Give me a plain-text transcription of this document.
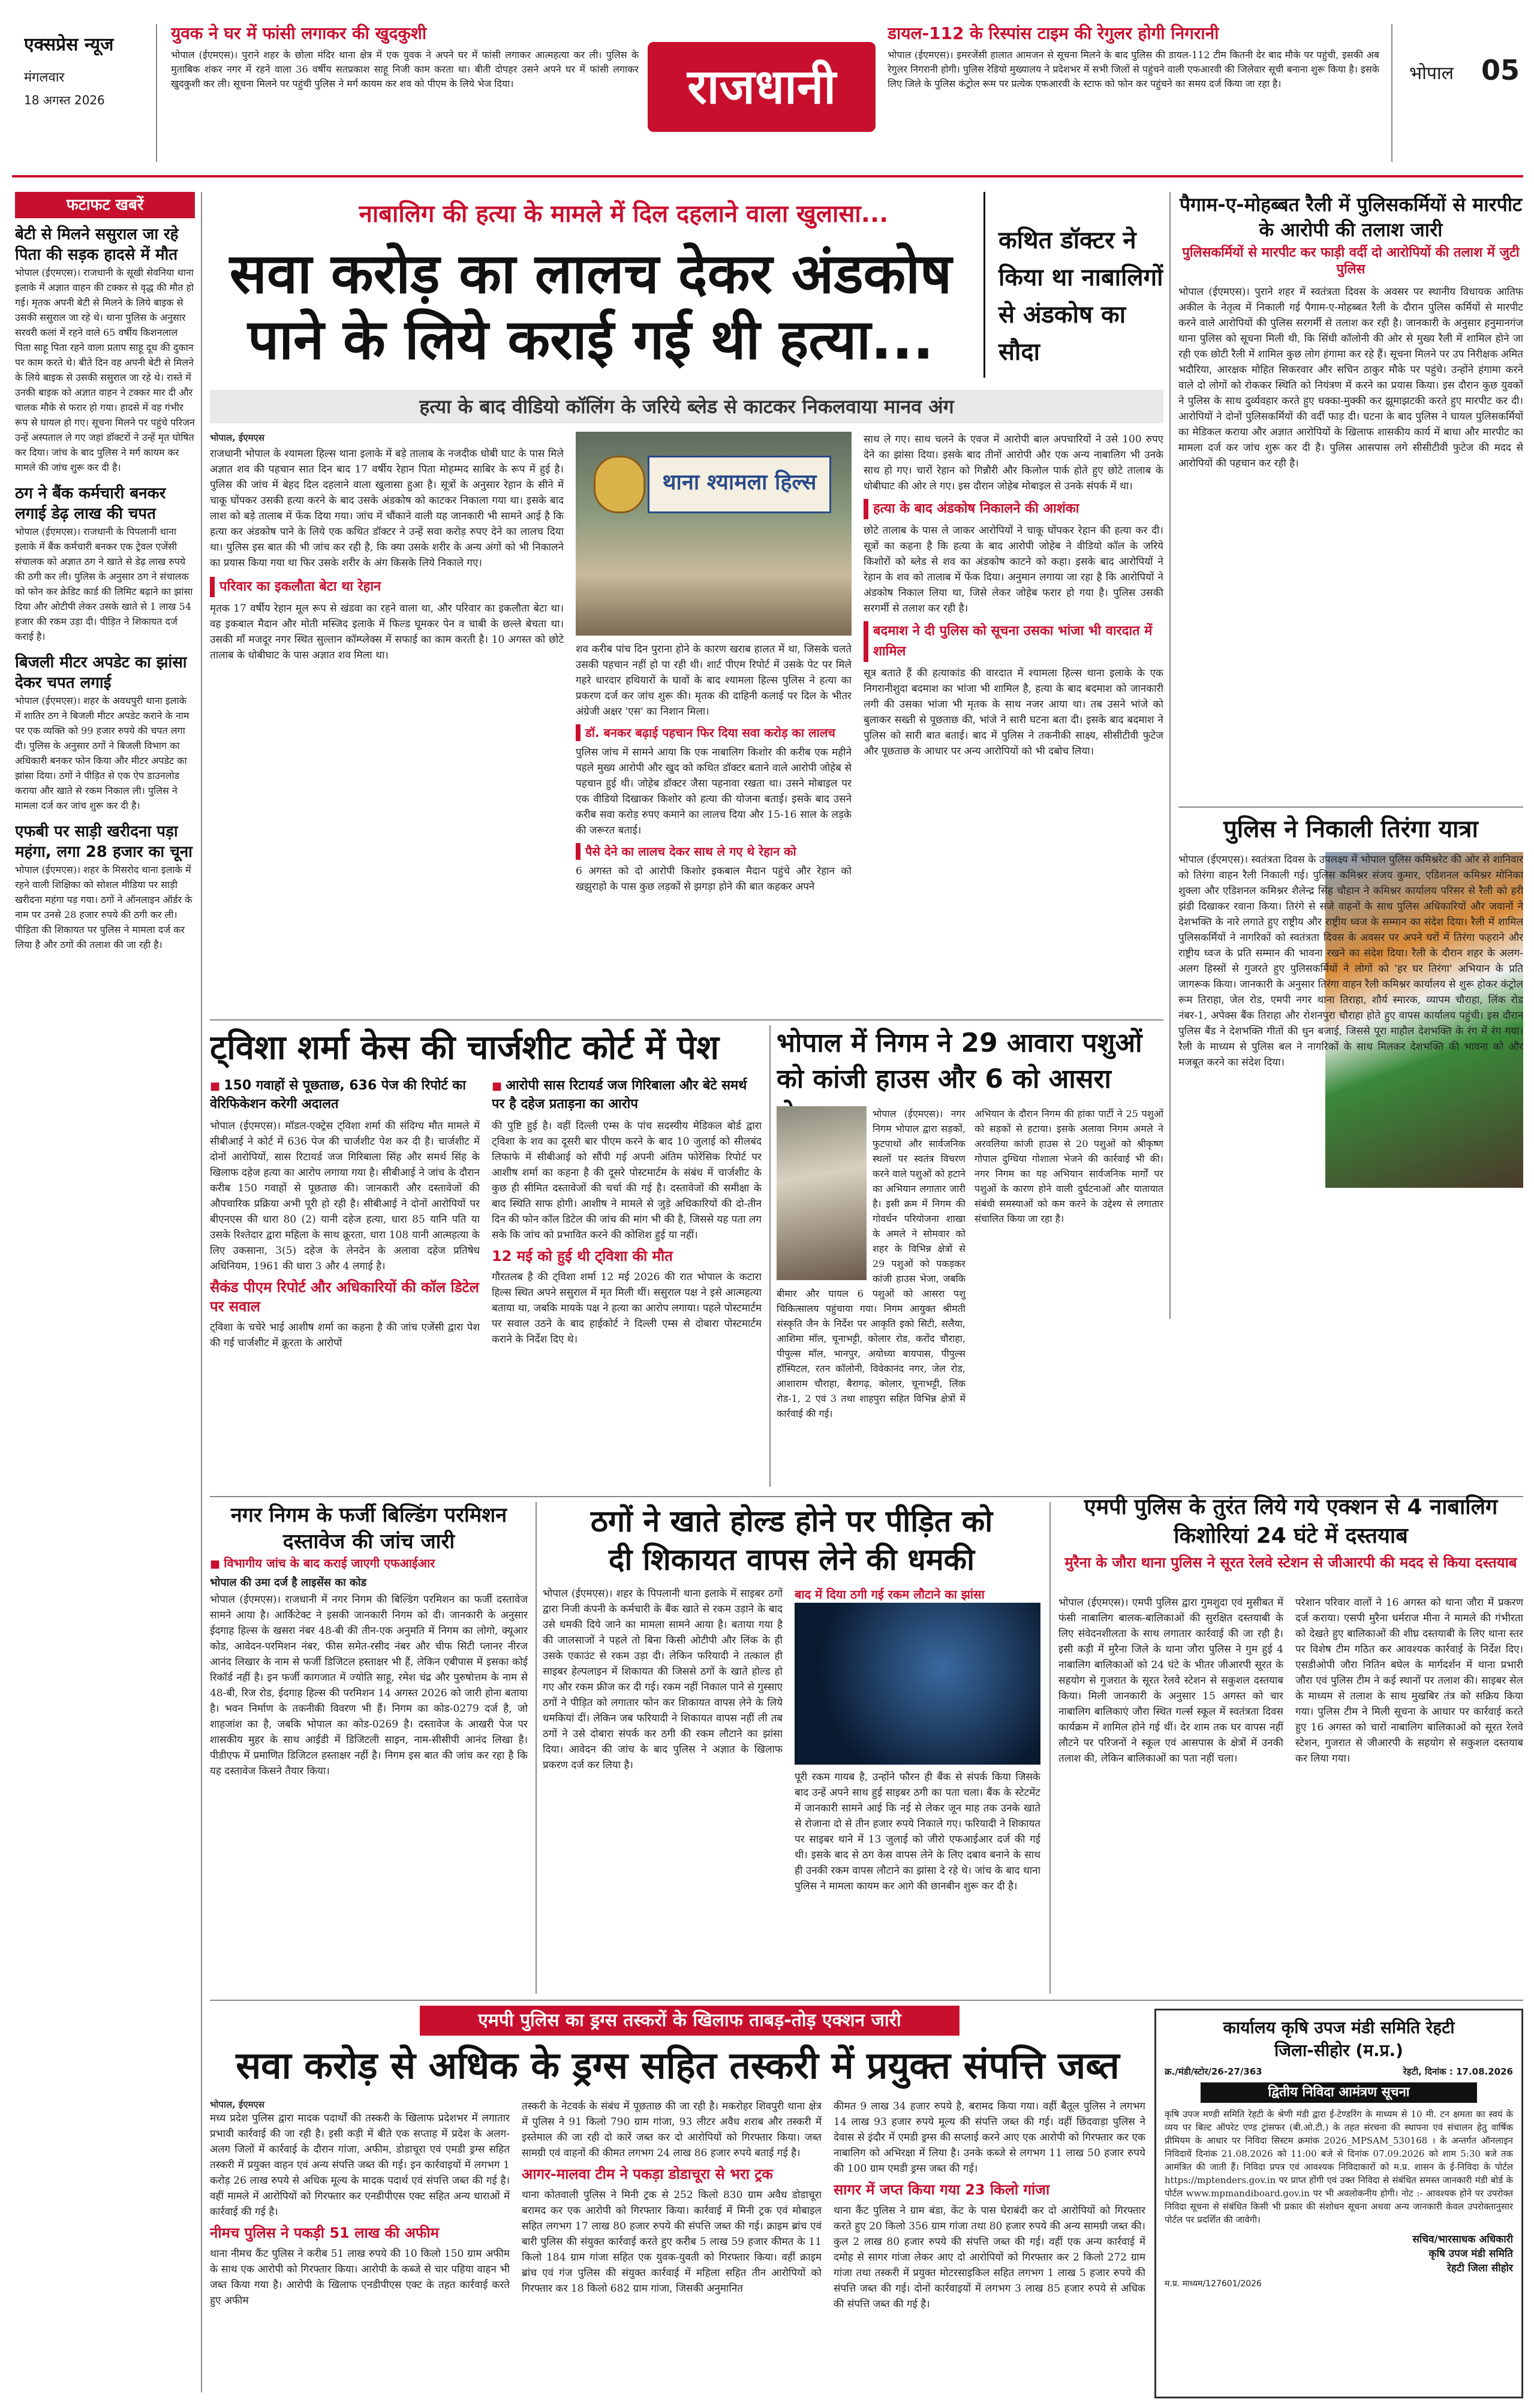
एक्सप्रेस न्यूज
मंगलवार
18 अगस्त 2026
युवक ने घर में फांसी लगाकर की खुदकुशी
भोपाल (ईएमएस)। पुराने शहर के छोला मंदिर थाना क्षेत्र में एक युवक ने अपने घर में फांसी लगाकर आत्महत्या कर ली। पुलिस के मुताबिक शंकर नगर में रहने वाला 36 वर्षीय सतप्रकाश साहू निजी काम करता था। बीती दोपहर उसने अपने घर में फांसी लगाकर खुदकुशी कर ली। सूचना मिलने पर पहुंची पुलिस ने मर्ग कायम कर शव को पीएम के लिये भेज दिया।	राजधानी
डायल-112 के रिस्पांस टाइम की रेगुलर होगी निगरानी
भोपाल (ईएमएस)। इमरजेंसी हालात आमजन से सूचना मिलने के बाद पुलिस की डायल-112 टीम कितनी देर बाद मौके पर पहुंची, इसकी अब रेगुलर निगरानी होगी। पुलिस रेडियो मुख्यालय ने प्रदेशभर में सभी जिलों से पहुंचने वाली एफआरवी की जिलेवार सूची बनाना शुरू किया है। इसके लिए जिले के पुलिस कंट्रोल रूम पर प्रत्येक एफआरवी के स्टाफ को फोन कर पहुंचने का समय दर्ज किया जा रहा है।	भोपाल 05
फटाफट खबरें
बेटी से मिलने ससुराल जा रहे पिता की सड़क हादसे में मौत
भोपाल (ईएमएस)। राजधानी के सूखी सेवनिया थाना इलाके में अज्ञात वाहन की टक्कर से वृद्ध की मौत हो गई। मृतक अपनी बेटी से मिलने के लिये बाइक से उसकी ससुराल जा रहे थे। थाना पुलिस के अनुसार सरवरी कलां में रहने वाले 65 वर्षीय किशनलाल पिता साहू पिता रहने वाला प्रताप साहू दूध की दुकान पर काम करते थे। बीते दिन वह अपनी बेटी से मिलने के लिये बाइक से उसकी ससुराल जा रहे थे। रास्ते में उनकी बाइक को अज्ञात वाहन ने टक्कर मार दी और चालक मौके से फरार हो गया। हादसे में वह गंभीर रूप से घायल हो गए। सूचना मिलने पर पहुंचे परिजन उन्हें अस्पताल ले गए जहां डॉक्टरों ने उन्हें मृत घोषित कर दिया। जांच के बाद पुलिस ने मर्ग कायम कर मामले की जांच शुरू कर दी है।
ठग ने बैंक कर्मचारी बनकर लगाई डेढ़ लाख की चपत
भोपाल (ईएमएस)। राजधानी के पिपलानी थाना इलाके में बैंक कर्मचारी बनकर एक ट्रेवल एजेंसी संचालक को अज्ञात ठग ने खाते से डेढ़ लाख रुपये की ठगी कर ली। पुलिस के अनुसार ठग ने संचालक को फोन कर क्रेडिट कार्ड की लिमिट बढ़ाने का झांसा दिया और ओटीपी लेकर उसके खाते से 1 लाख 54 हजार की रकम उड़ा दी। पीड़ित ने शिकायत दर्ज कराई है।
बिजली मीटर अपडेट का झांसा देकर चपत लगाई
भोपाल (ईएमएस)। शहर के अवधपुरी थाना इलाके में शातिर ठग ने बिजली मीटर अपडेट कराने के नाम पर एक व्यक्ति को 99 हजार रुपये की चपत लगा दी। पुलिस के अनुसार ठगों ने बिजली विभाग का अधिकारी बनकर फोन किया और मीटर अपडेट का झांसा दिया। ठगों ने पीड़ित से एक ऐप डाउनलोड कराया और खाते से रकम निकाल ली। पुलिस ने मामला दर्ज कर जांच शुरू कर दी है।
एफबी पर साड़ी खरीदना पड़ा महंगा, लगा 28 हजार का चूना
भोपाल (ईएमएस)। शहर के मिसरोद थाना इलाके में रहने वाली शिक्षिका को सोशल मीडिया पर साड़ी खरीदना महंगा पड़ गया। ठगों ने ऑनलाइन ऑर्डर के नाम पर उनसे 28 हजार रुपये की ठगी कर ली। पीड़िता की शिकायत पर पुलिस ने मामला दर्ज कर लिया है और ठगों की तलाश की जा रही है।
नाबालिग की हत्या के मामले में दिल दहलाने वाला खुलासा...
सवा करोड़ का लालच देकर अंडकोष
पाने के लिये कराई गई थी हत्या...
कथित डॉक्टर ने किया था नाबालिगों से अंडकोष का सौदा
हत्या के बाद वीडियो कॉलिंग के जरिये ब्लेड से काटकर निकलवाया मानव अंग
भोपाल, ईएमएस
राजधानी भोपाल के श्यामला हिल्स थाना इलाके में बड़े तालाब के नजदीक धोबी घाट के पास मिले अज्ञात शव की पहचान सात दिन बाद 17 वर्षीय रेहान पिता मोहम्मद साबिर के रूप में हुई है। पुलिस की जांच में बेहद दिल दहलाने वाला खुलासा हुआ है। सूत्रों के अनुसार रेहान के सीने में चाकू घोंपकर उसकी हत्या करने के बाद उसके अंडकोष को काटकर निकाला गया था। इसके बाद लाश को बड़े तालाब में फेंक दिया गया। जांच में चौंकाने वाली यह जानकारी भी सामने आई है कि हत्या कर अंडकोष पाने के लिये एक कथित डॉक्टर ने उन्हें सवा करोड़ रुपए देने का लालच दिया था। पुलिस इस बात की भी जांच कर रही है, कि क्या उसके शरीर के अन्य अंगों को भी निकालने का प्रयास किया गया था फिर उसके शरीर के अंग किसके लिये निकाले गए।
परिवार का इकलौता बेटा था रेहान
मृतक 17 वर्षीय रेहान मूल रूप से खंडवा का रहने वाला था, और परिवार का इकलौता बेटा था। वह इकबाल मैदान और मोती मस्जिद इलाके में फिल्ड घूमकर पेन व चाबी के छल्ले बेचता था। उसकी माँ मजदूर नगर स्थित सुल्तान कॉम्प्लेक्स में सफाई का काम करती है। 10 अगस्त को छोटे तालाब के धोबीघाट के पास अज्ञात शव मिला था।
थाना श्यामला हिल्स
शव करीब पांच दिन पुराना होने के कारण खराब हालत में था, जिसके चलते उसकी पहचान नहीं हो पा रही थी। शार्ट पीएम रिपोर्ट में उसके पेट पर मिले गहरे धारदार हथियारों के घावों के बाद श्यामला हिल्स पुलिस ने हत्या का प्रकरण दर्ज कर जांच शुरू की। मृतक की दाहिनी कलाई पर दिल के भीतर अंग्रेजी अक्षर 'एस' का निशान मिला।
डॉ. बनकर बढ़ाई पहचान फिर दिया सवा करोड़ का लालच
पुलिस जांच में सामने आया कि एक नाबालिग किशोर की करीब एक महीने पहले मुख्य आरोपी और खुद को कथित डॉक्टर बताने वाले आरोपी जोहेब से पहचान हुई थी। जोहेब डॉक्टर जैसा पहनावा रखता था। उसने मोबाइल पर एक वीडियो दिखाकर किशोर को हत्या की योजना बताई। इसके बाद उसने करीब सवा करोड़ रुपए कमाने का लालच दिया और 15-16 साल के लड़के की जरूरत बताई।
पैसे देने का लालच देकर साथ ले गए थे रेहान को
6 अगस्त को दो आरोपी किशोर इकबाल मैदान पहुंचे और रेहान को खझुराहो के पास कुछ लड़कों से झगड़ा होने की बात कहकर अपने
साथ ले गए। साथ चलने के एवज में आरोपी बाल अपचारियों ने उसे 100 रुपए देने का झांसा दिया। इसके बाद तीनों आरोपी और एक अन्य नाबालिग भी उनके साथ हो गए। चारों रेहान को गिन्नौरी और किलोल पार्क होते हुए छोटे तालाब के धोबीघाट की ओर ले गए। इस दौरान जोहेब मोबाइल से उनके संपर्क में था।
हत्या के बाद अंडकोष निकालने की आशंका
छोटे तालाब के पास ले जाकर आरोपियों ने चाकू घोंपकर रेहान की हत्या कर दी। सूत्रों का कहना है कि हत्या के बाद आरोपी जोहेब ने वीडियो कॉल के जरिये किशोरों को ब्लेड से शव का अंडकोष काटने को कहा। इसके बाद आरोपियों ने रेहान के शव को तालाब में फेंक दिया। अनुमान लगाया जा रहा है कि आरोपियों ने अंडकोष निकाल लिया था, जिसे लेकर जोहेब फरार हो गया है। पुलिस उसकी सरगर्मी से तलाश कर रही है।
बदमाश ने दी पुलिस को सूचना उसका भांजा भी वारदात में शामिल
सूत्र बताते हैं की हत्याकांड की वारदात में श्यामला हिल्स थाना इलाके के एक निगरानीशुदा बदमाश का भांजा भी शामिल है, हत्या के बाद बदमाश को जानकारी लगी की उसका भांजा भी मृतक के साथ नजर आया था। तब उसने भांजे को बुलाकर सख्ती से पूछताछ की, भांजे ने सारी घटना बता दी। इसके बाद बदमाश ने पुलिस को सारी बात बताई। बाद में पुलिस ने तकनीकी साक्ष्य, सीसीटीवी फुटेज और पूछताछ के आधार पर अन्य आरोपियों को भी दबोच लिया।
पैगाम-ए-मोहब्बत रैली में पुलिसकर्मियों से मारपीट के आरोपी की तलाश जारी
पुलिसकर्मियों से मारपीट कर फाड़ी वर्दी दो आरोपियों की तलाश में जुटी पुलिस
भोपाल (ईएमएस)। पुराने शहर में स्वतंत्रता दिवस के अवसर पर स्थानीय विधायक आतिफ अकील के नेतृत्व में निकाली गई पैगाम-ए-मोहब्बत रैली के दौरान पुलिस कर्मियों से मारपीट करने वाले आरोपियों की पुलिस सरगर्मी से तलाश कर रही है। जानकारी के अनुसार हनुमानगंज थाना पुलिस को सूचना मिली थी, कि सिंधी कॉलोनी की ओर से मुख्य रैली में शामिल होने जा रही एक छोटी रैली में शामिल कुछ लोग हंगामा कर रहे हैं। सूचना मिलने पर उप निरीक्षक अमित भदौरिया, आरक्षक मोहित सिकरवार और सचिन ठाकुर मौके पर पहुंचे। उन्होंने हंगामा करने वाले दो लोगों को रोककर स्थिति को नियंत्रण में करने का प्रयास किया। इस दौरान कुछ युवकों ने पुलिस के साथ दुर्व्यवहार करते हुए धक्का-मुक्की कर झूमाझटकी करते हुए मारपीट कर दी। आरोपियों ने दोनों पुलिसकर्मियों की वर्दी फाड़ दी। घटना के बाद पुलिस ने घायल पुलिसकर्मियों का मेडिकल कराया और अज्ञात आरोपियों के खिलाफ शासकीय कार्य में बाधा और मारपीट का मामला दर्ज कर जांच शुरू कर दी है। पुलिस आसपास लगे सीसीटीवी फुटेज की मदद से आरोपियों की पहचान कर रही है।
पुलिस ने निकाली तिरंगा यात्रा
भोपाल (ईएमएस)। स्वतंत्रता दिवस के उपलक्ष्य में भोपाल पुलिस कमिश्नरेट की ओर से शानिवार को तिरंगा वाहन रैली निकाली गई। पुलिस कमिश्नर संजय कुमार, एडिशनल कमिश्नर मोनिका शुक्ला और एडिशनल कमिश्नर शैलेन्द्र सिंह चौहान ने कमिश्नर कार्यालय परिसर से रैली को हरी झंडी दिखाकर रवाना किया। तिरंगे से सजे वाहनों के साथ पुलिस अधिकारियों और जवानों ने देशभक्ति के नारे लगाते हुए राष्ट्रीय और राष्ट्रीय ध्वज के सम्मान का संदेश दिया। रैली में शामिल पुलिसकर्मियों ने नागरिकों को स्वतंत्रता दिवस के अवसर पर अपने घरों में तिरंगा फहराने और राष्ट्रीय ध्वज के प्रति सम्मान की भावना रखने का संदेश दिया। रैली के दौरान शहर के अलग-अलग हिस्सों से गुजरते हुए पुलिसकर्मियों ने लोगों को 'हर घर तिरंगा' अभियान के प्रति जागरूक किया। जानकारी के अनुसार तिरंगा वाहन रैली कमिश्नर कार्यालय से शुरू होकर कंट्रोल रूम तिराहा, जेल रोड, एमपी नगर थाना तिराहा, शौर्य स्मारक, व्यापम चौराहा, लिंक रोड नंबर-1, अपेक्स बैंक तिराहा और रोशनपुरा चौराहा होते हुए वापस कार्यालय पहुंची। इस दौरान पुलिस बैंड ने देशभक्ति गीतों की धुन बजाई, जिससे पूरा माहौल देशभक्ति के रंग में रंग गया। रैली के माध्यम से पुलिस बल ने नागरिकों के साथ मिलकर देशभक्ति की भावना को और मजबूत करने का संदेश दिया।
ट्विशा शर्मा केस की चार्जशीट कोर्ट में पेश
■ 150 गवाहों से पूछताछ, 636 पेज की रिपोर्ट का वेरिफिकेशन करेगी अदालत
भोपाल (ईएमएस)। मॉडल-एक्ट्रेस ट्विशा शर्मा की संदिग्ध मौत मामले में सीबीआई ने कोर्ट में 636 पेज की चार्जशीट पेश कर दी है। चार्जशीट में दोनों आरोपियों, सास रिटायर्ड जज गिरिबाला सिंह और समर्थ सिंह के खिलाफ दहेज हत्या का आरोप लगाया गया है। सीबीआई ने जांच के दौरान करीब 150 गवाहों से पूछताछ की। जानकारी और दस्तावेजों की औपचारिक प्रक्रिया अभी पूरी हो रही है। सीबीआई ने दोनों आरोपियों पर बीएनएस की धारा 80 (2) यानी दहेज हत्या, धारा 85 यानि पति या उसके रिश्तेदार द्वारा महिला के साथ क्रूरता, धारा 108 यानी आत्महत्या के लिए उकसाना, 3(5) दहेज के लेनदेन के अलावा दहेज प्रतिषेध अधिनियम, 1961 की धारा 3 और 4 लगाई है।
सैकंड पीएम रिपोर्ट और अधिकारियों की कॉल डिटेल पर सवाल
ट्विशा के चचेरे भाई आशीष शर्मा का कहना है की जांच एजेंसी द्वारा पेश की गई चार्जशीट में क्रूरता के आरोपों
■ आरोपी सास रिटायर्ड जज गिरिबाला और बेटे समर्थ पर है दहेज प्रताड़ना का आरोप
की पुष्टि हुई है। वहीं दिल्ली एम्स के पांच सदस्यीय मेडिकल बोर्ड द्वारा ट्विशा के शव का दूसरी बार पीएम करने के बाद 10 जुलाई को सीलबंद लिफाफे में सीबीआई को सौंपी गई अपनी अंतिम फोरेंसिक रिपोर्ट पर आशीष शर्मा का कहना है की दूसरे पोस्टमार्टम के संबंध में चार्जशीट के कुछ ही सीमित दस्तावेजों की चर्चा की गई है। दस्तावेजों की समीक्षा के बाद स्थिति साफ होगी। आशीष ने मामले से जुड़े अधिकारियों की दो-तीन दिन की फोन कॉल डिटेल की जांच की मांग भी की है, जिससे यह पता लग सके कि जांच को प्रभावित करने की कोशिश हुई या नहीं।
12 मई को हुई थी ट्विशा की मौत
गौरतलब है की ट्विशा शर्मा 12 मई 2026 की रात भोपाल के कटारा हिल्स स्थित अपने ससुराल में मृत मिली थीं। ससुराल पक्ष ने इसे आत्महत्या बताया था, जबकि मायके पक्ष ने हत्या का आरोप लगाया। पहले पोस्टमार्टम पर सवाल उठने के बाद हाईकोर्ट ने दिल्ली एम्स से दोबारा पोस्टमार्टम कराने के निर्देश दिए थे।
भोपाल में निगम ने 29 आवारा पशुओं
को कांजी हाउस और 6 को आसरा
भोपाल (ईएमएस)। नगर निगम भोपाल द्वारा सड़कों, फुटपाथों और सार्वजनिक स्थलों पर स्वतंत्र विचरण करने वाले पशुओं को हटाने का अभियान लगातार जारी है। इसी क्रम में निगम की गोवर्धन परियोजना शाखा के अमले ने सोमवार को शहर के विभिन्न क्षेत्रों से 29 पशुओं को पकड़कर कांजी हाउस भेजा, जबकि बीमार और घायल 6 पशुओं को आसरा पशु चिकित्सालय पहुंचाया गया। निगम आयुक्त श्रीमती संस्कृति जैन के निर्देश पर आकृति इको सिटी, सलैया, आशिमा मॉल, चूनाभट्टी, कोलार रोड, करोंद चौराहा, पीपुल्स मॉल, भानपुर, अयोध्या बायपास, पीपुल्स हॉस्पिटल, रतन कॉलोनी, विवेकानंद नगर, जेल रोड, आशाराम चौराहा, बैरागढ़, कोलार, चूनाभट्टी, लिंक रोड-1, 2 एवं 3 तथा शाहपुरा सहित विभिन्न क्षेत्रों में कार्रवाई की गई।
अभियान के दौरान निगम की हांका पार्टी ने 25 पशुओं को सड़कों से हटाया। इसके अलावा निगम अमले ने अरवलिया कांजी हाउस से 20 पशुओं को श्रीकृष्ण गोपाल दुग्धिया गोशाला भेजने की कार्रवाई भी की। नगर निगम का यह अभियान सार्वजनिक मार्गों पर पशुओं के कारण होने वाली दुर्घटनाओं और यातायात संबंधी समस्याओं को कम करने के उद्देश्य से लगातार संचालित किया जा रहा है।
नगर निगम के फर्जी बिल्डिंग परमिशन दस्तावेज की जांच जारी
■ विभागीय जांच के बाद कराई जाएगी एफआईआर
भोपाल की उमा दर्ज है लाइसेंस का कोड
भोपाल (ईएमएस)। राजधानी में नगर निगम की बिल्डिंग परमिशन का फर्जी दस्तावेज सामने आया है। आर्किटेक्ट ने इसकी जानकारी निगम को दी। जानकारी के अनुसार ईदगाह हिल्स के खसरा नंबर 48-बी की तीन-एक अनुमति में निगम का लोगो, क्यूआर कोड, आवेदन-परमिशन नंबर, फीस समेत-रसीद नंबर और चीफ सिटी प्लानर नीरज आनंद लिखार के नाम से फर्जी डिजिटल हस्ताक्षर भी हैं, लेकिन एबीपास में इसका कोई रिकॉर्ड नहीं है। इन फर्जी कागजात में ज्योति साहू, रमेश चंद्र और पुरुषोत्तम के नाम से 48-बी, रिज रोड, ईदगाह हिल्स की परमिशन 14 अगस्त 2026 को जारी होना बताया है। भवन निर्माण के तकनीकी विवरण भी हैं। निगम का कोड-0279 दर्ज है, जो शाहजांश का है, जबकि भोपाल का कोड-0269 है। दस्तावेज के आखरी पेज पर शासकीय मुहर के साथ आईडी में डिजिटली साइन, नाम-सीसीपी आनंद लिखा है। पीडीएफ में प्रमाणित डिजिटल हस्ताक्षर नहीं है। निगम इस बात की जांच कर रहा है कि यह दस्तावेज किसने तैयार किया।
ठगों ने खाते होल्ड होने पर पीड़ित को
दी शिकायत वापस लेने की धमकी
भोपाल (ईएमएस)। शहर के पिपलानी थाना इलाके में साइबर ठगों द्वारा निजी कंपनी के कर्मचारी के बैंक खाते से रकम उड़ाने के बाद उसे धमकी दिये जाने का मामला सामने आया है। बताया गया है की जालसाजों ने पहले तो बिना किसी ओटीपी और लिंक के ही उसके एकाउंट से रकम उड़ा दी। लेकिन फरियादी ने तत्काल ही साइबर हेल्पलाइन में शिकायत की जिससे ठगों के खाते होल्ड हो गए और रकम फ्रीज कर दी गई। रकम नहीं निकाल पाने से गुस्साए ठगों ने पीड़ित को लगातार फोन कर शिकायत वापस लेने के लिये धमकियां दीं। लेकिन जब फरियादी ने शिकायत वापस नहीं ली तब ठगों ने उसे दोबारा संपर्क कर ठगी की रकम लौटाने का झांसा दिया। आवेदन की जांच के बाद पुलिस ने अज्ञात के खिलाफ प्रकरण दर्ज कर लिया है।
बाद में दिया ठगी गई रकम लौटाने का झांसा
पूरी रकम गायब है, उन्होंने फौरन ही बैंक से संपर्क किया जिसके बाद उन्हें अपने साथ हुई साइबर ठगी का पता चला। बैंक के स्टेटमेंट में जानकारी सामने आई कि नई से लेकर जून माह तक उनके खाते से रोजाना दो से तीन हजार रुपये निकाले गए। फरियादी ने शिकायत पर साइबर थाने में 13 जुलाई को जीरो एफआईआर दर्ज की गई थी। इसके बाद से ठग केस वापस लेने के लिए दबाव बनाने के साथ ही उनकी रकम वापस लौटाने का झांसा दे रहे थे। जांच के बाद थाना पुलिस ने मामला कायम कर आगे की छानबीन शुरू कर दी है।
एमपी पुलिस के तुरंत लिये गये एक्शन से 4 नाबालिग किशोरियां 24 घंटे में दस्तयाब
मुरैना के जौरा थाना पुलिस ने सूरत रेलवे स्टेशन से जीआरपी की मदद से किया दस्तयाब
भोपाल (ईएमएस)। एमपी पुलिस द्वारा गुमशुदा एवं मुसीबत में फंसी नाबालिग बालक-बालिकाओं की सुरक्षित दस्तयाबी के लिए संवेदनशीलता के साथ लगातार कार्रवाई की जा रही है। इसी कड़ी में मुरैना जिले के थाना जौरा पुलिस ने गुम हुई 4 नाबालिग बालिकाओं को 24 घंटे के भीतर जीआरपी सूरत के सहयोग से गुजरात के सूरत रेलवे स्टेशन से सकुशल दस्तयाब किया। मिली जानकारी के अनुसार 15 अगस्त को चार नाबालिग बालिकाएं जौरा स्थित गर्ल्स स्कूल में स्वतंत्रता दिवस कार्यक्रम में शामिल होने गई थीं। देर शाम तक घर वापस नहीं लौटने पर परिजनों ने स्कूल एवं आसपास के क्षेत्रों में उनकी तलाश की, लेकिन बालिकाओं का पता नहीं चला।
परेशान परिवार वालों ने 16 अगस्त को थाना जौरा में प्रकरण दर्ज कराया। एसपी मुरैना धर्मराज मीना ने मामले की गंभीरता को देखते हुए बालिकाओं की शीघ्र दस्तयाबी के लिए थाना स्तर पर विशेष टीम गठित कर आवश्यक कार्रवाई के निर्देश दिए। एसडीओपी जौरा नितिन बघेल के मार्गदर्शन में थाना प्रभारी जौरा एवं पुलिस टीम ने कई स्थानों पर तलाश की। साइबर सेल के माध्यम से तलाश के साथ मुखबिर तंत्र को सक्रिय किया गया। पुलिस टीम ने मिली सूचना के आधार पर कार्रवाई करते हुए 16 अगस्त को चारों नाबालिग बालिकाओं को सूरत रेलवे स्टेशन, गुजरात से जीआरपी के सहयोग से सकुशल दस्तयाब कर लिया गया।
एमपी पुलिस का ड्रग्स तस्करों के खिलाफ ताबड़-तोड़ एक्शन जारी
सवा करोड़ से अधिक के ड्रग्स सहित तस्करी में प्रयुक्त संपत्ति जब्त
भोपाल, ईएमएस
मध्य प्रदेश पुलिस द्वारा मादक पदार्थों की तस्करी के खिलाफ प्रदेशभर में लगातार प्रभावी कार्रवाई की जा रही है। इसी कड़ी में बीते एक सप्ताह में प्रदेश के अलग-अलग जिलों में कार्रवाई के दौरान गांजा, अफीम, डोडाचूरा एवं एमडी ड्रग्स सहित तस्करी में प्रयुक्त वाहन एवं अन्य संपत्ति जब्त की गई। इन कार्रवाइयों में लगभग 1 करोड़ 26 लाख रुपये से अधिक मूल्य के मादक पदार्थ एवं संपत्ति जब्त की गई है। वहीं मामले में आरोपियों को गिरफ्तार कर एनडीपीएस एक्ट सहित अन्य धाराओं में कार्रवाई की गई है।
नीमच पुलिस ने पकड़ी 51 लाख की अफीम
थाना नीमच कैंट पुलिस ने करीब 51 लाख रुपये की 10 किलो 150 ग्राम अफीम के साथ एक आरोपी को गिरफ्तार किया। आरोपी के कब्जे से चार पहिया वाहन भी जब्त किया गया है। आरोपी के खिलाफ एनडीपीएस एक्ट के तहत कार्रवाई करते हुए अफीम
तस्करी के नेटवर्क के संबंध में पूछताछ की जा रही है। मकरोहर शिवपुरी थाना क्षेत्र में पुलिस ने 91 किलो 790 ग्राम गांजा, 93 लीटर अवैध शराब और तस्करी में इस्तेमाल की जा रही दो कारें जब्त कर दो आरोपियों को गिरफ्तार किया। जब्त सामग्री एवं वाहनों की कीमत लगभग 24 लाख 86 हजार रुपये बताई गई है।
आगर-मालवा टीम ने पकड़ा डोडाचूरा से भरा ट्रक
थाना कोतवाली पुलिस ने मिनी ट्रक से 252 किलो 830 ग्राम अवैध डोडाचूरा बरामद कर एक आरोपी को गिरफ्तार किया। कार्रवाई में मिनी ट्रक एवं मोबाइल सहित लगभग 17 लाख 80 हजार रुपये की संपत्ति जब्त की गई। क्राइम ब्रांच एवं बारी पुलिस की संयुक्त कार्रवाई करते हुए करीब 5 लाख 59 हजार कीमत के 11 किलो 184 ग्राम गांजा सहित एक युवक-युवती को गिरफ्तार किया। वहीं क्राइम ब्रांच एवं गंज पुलिस की संयुक्त कार्रवाई में महिला सहित तीन आरोपियों को गिरफ्तार कर 18 किलो 682 ग्राम गांजा, जिसकी अनुमानित
कीमत 9 लाख 34 हजार रुपये है, बरामद किया गया। वहीं बैतूल पुलिस ने लगभग 14 लाख 93 हजार रुपये मूल्य की संपत्ति जब्त की गई। वहीं छिंदवाड़ा पुलिस ने देवास से इंदौर में एमडी ड्रग्स की सप्लाई करने आए एक आरोपी को गिरफ्तार कर एक नाबालिग को अभिरक्षा में लिया है। उनके कब्जे से लगभग 11 लाख 50 हजार रुपये की 100 ग्राम एमडी ड्रग्स जब्त की गई।
सागर में जप्त किया गया 23 किलो गांजा
थाना कैंट पुलिस ने ग्राम बंडा, केंट के पास घेराबंदी कर दो आरोपियों को गिरफ्तार करते हुए 20 किलो 356 ग्राम गांजा तथा 80 हजार रुपये की अन्य सामग्री जब्त की। कुल 2 लाख 80 हजार रुपये की संपत्ति जब्त की गई। वहीं एक अन्य कार्रवाई में दमोह से सागर गांजा लेकर आए दो आरोपियों को गिरफ्तार कर 2 किलो 272 ग्राम गांजा तथा तस्करी में प्रयुक्त मोटरसाइकिल सहित लगभग 1 लाख 5 हजार रुपये की संपत्ति जब्त की गई। दोनों कार्रवाइयों में लगभग 3 लाख 85 हजार रुपये से अधिक की संपत्ति जब्त की गई है।
कार्यालय कृषि उपज मंडी समिति रेहटी
जिला-सीहोर (म.प्र.)
क्र./मंडी/स्टोर/26-27/363	रेहटी, दिनांक : 17.08.2026
द्वितीय निविदा आमंत्रण सूचना
कृषि उपज मण्डी समिति रेहटी के श्रेणी मंडी द्वारा ई-टेण्डरिंग के माध्यम से 10 मी. टन क्षमता का स्वयं के व्यय पर बिल्ट ऑपरेट एण्ड ट्रांसफर (बी.ओ.टी.) के तहत संरचना की स्थापना एवं संचालन हेतु वार्षिक प्रीमियम के आधार पर निविदा सिस्टम क्रमांक 2026_MPSAM_530168 । के अन्तर्गत ऑनलाइन निविदायें दिनांक 21.08.2026 को 11:00 बजे से दिनांक 07.09.2026 को शाम 5:30 बजे तक आमंत्रित की जाती हैं। निविदा प्रपत्र एवं आवश्यक निविदाकारों को म.प्र. शासन के ई-निविदा के पोर्टल https://mptenders.gov.in पर प्राप्त होंगी एवं उक्त निविदा से संबंधित समस्त जानकारी मंडी बोर्ड के पोर्टल www.mpmandiboard.gov.in पर भी अवलोकनीय होगी। नोट :- आवश्यक होने पर उपरोक्त निविदा सूचना से संबंधित किसी भी प्रकार की संशोधन सूचना अथवा अन्य जानकारी केवल उपरोक्तानुसार पोर्टल पर प्रदर्शित की जावेगी।
सचिव/भारसाधक अधिकारी
कृषि उपज मंडी समिति
रेहटी जिला सीहोर
म.प्र. माध्यम/127601/2026
